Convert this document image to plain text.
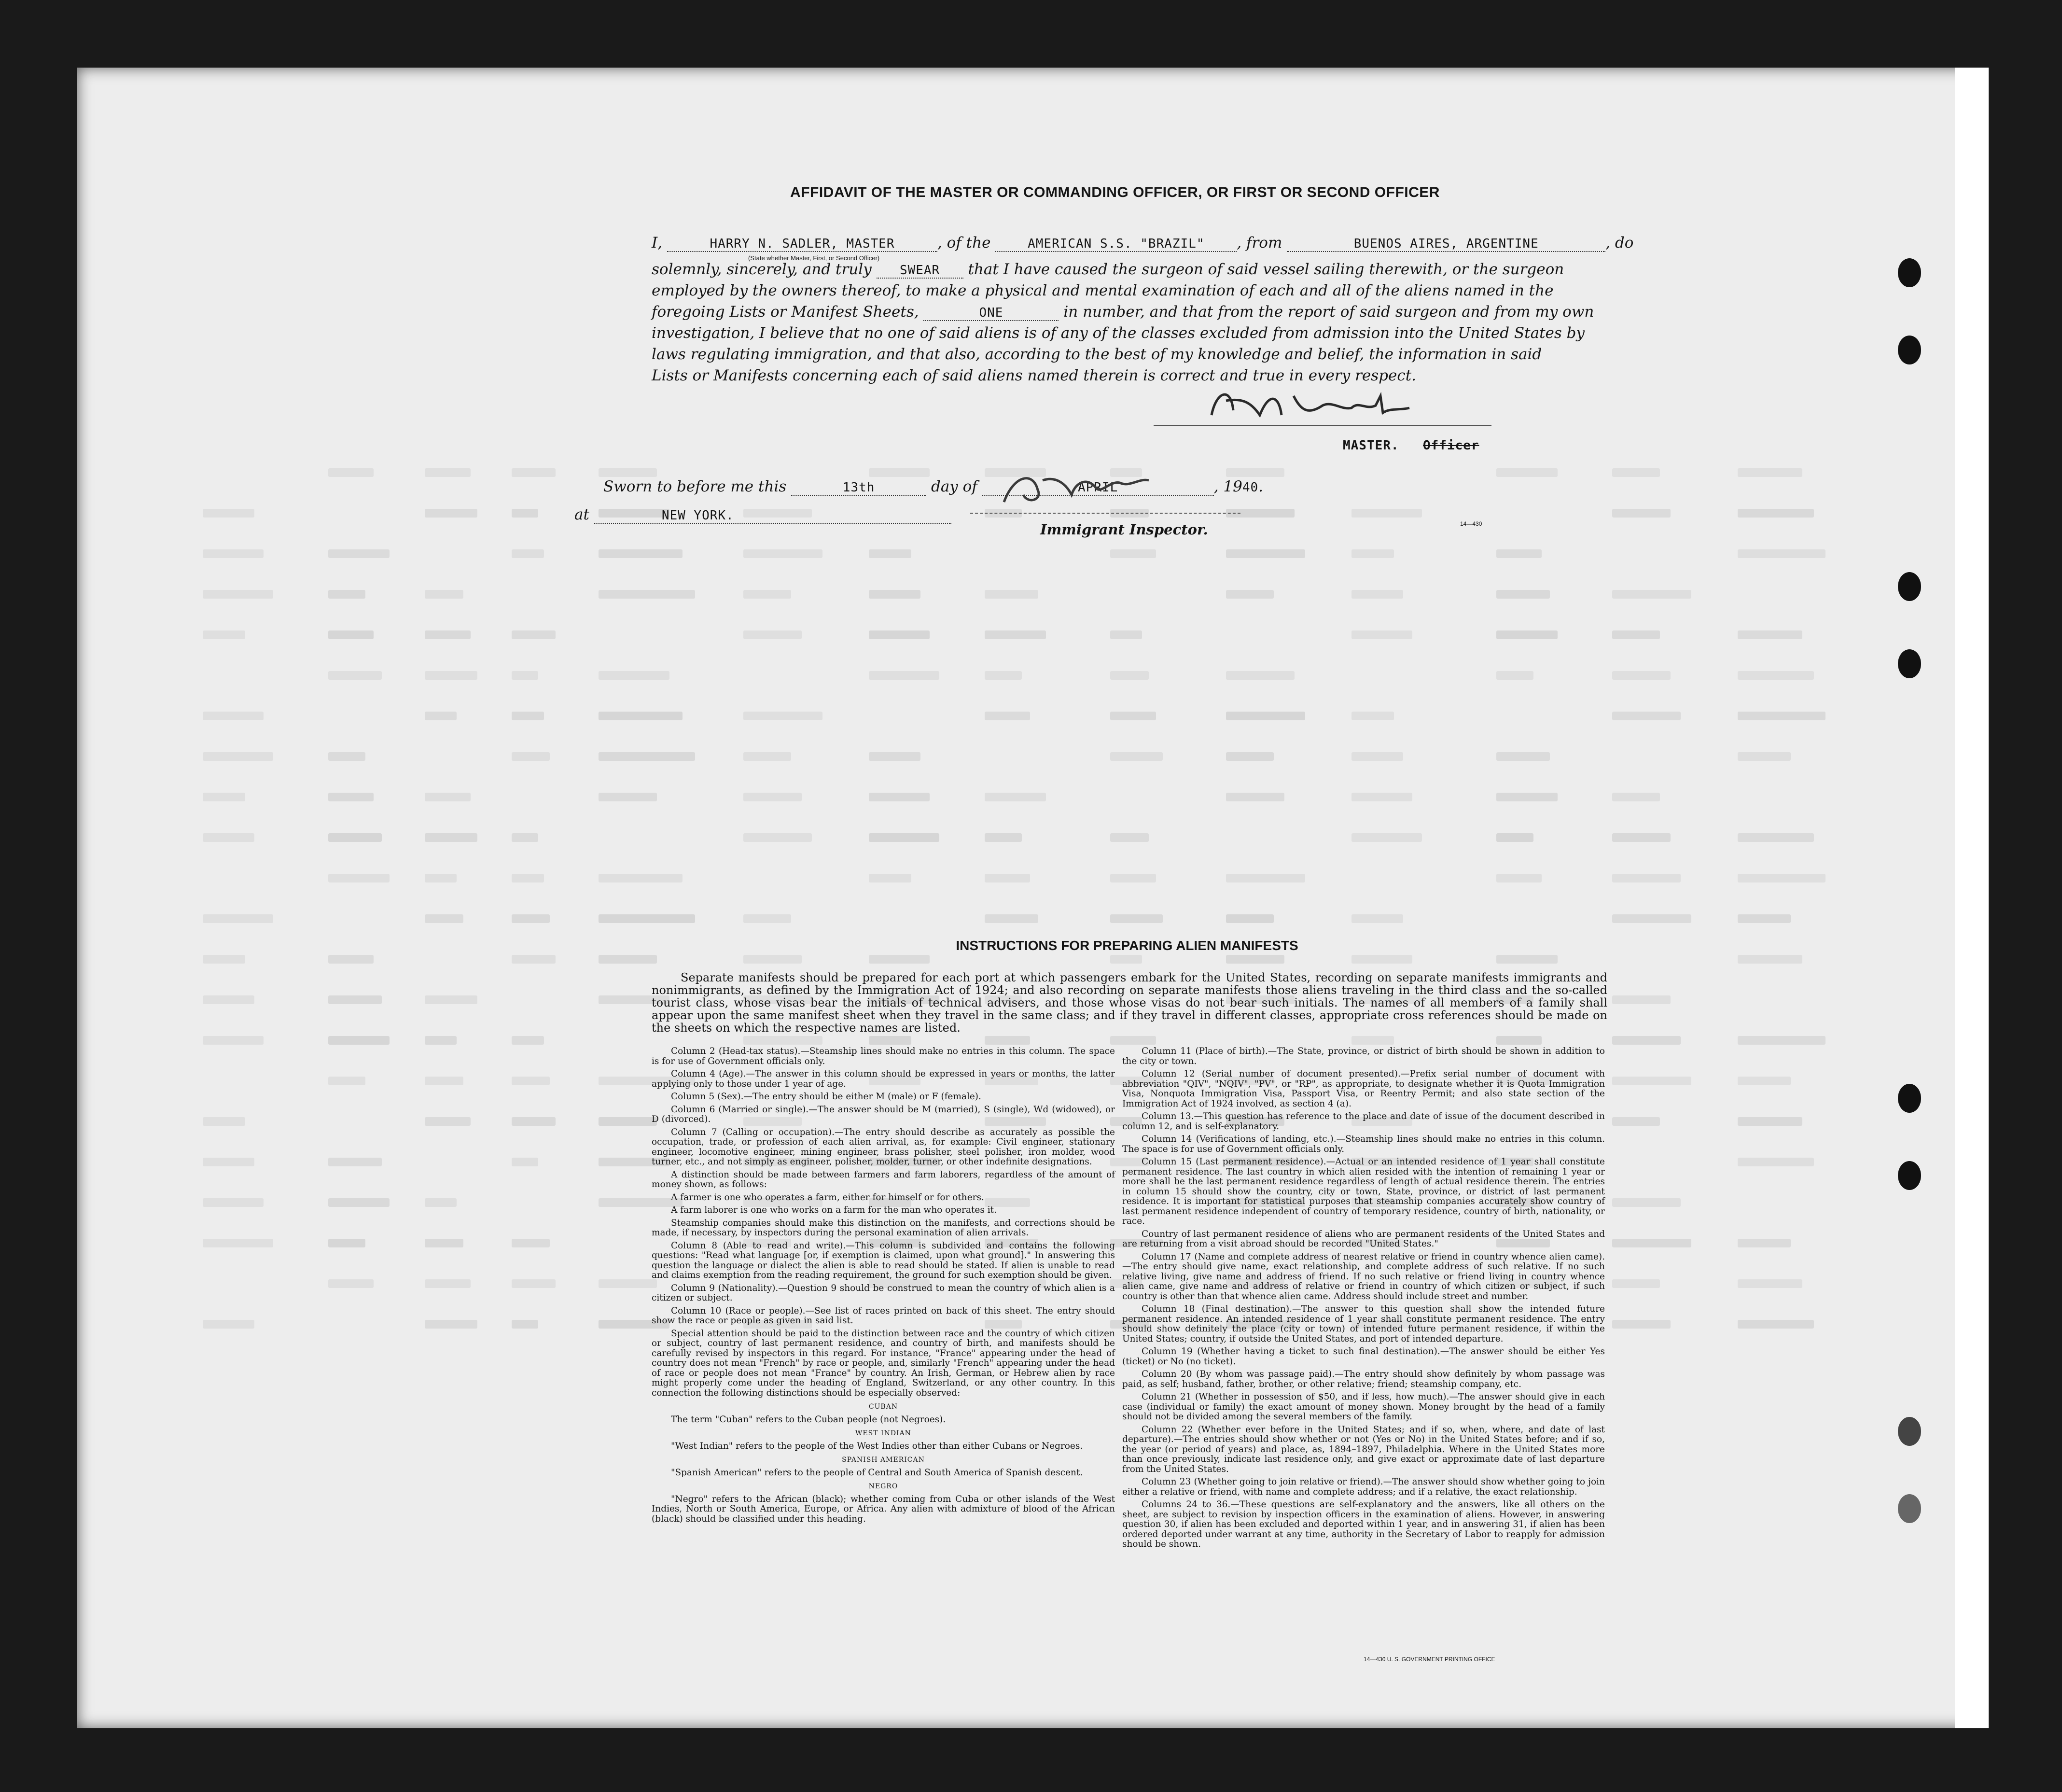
AFFIDAVIT OF THE MASTER OR COMMANDING OFFICER, OR FIRST OR SECOND OFFICER
I,	HARRY N. SADLER, MASTER	, of the	AMERICAN S.S. "BRAZIL" , from	BUENOS AIRES, ARGENTINE	, do
(State whether Master, First, or Second Officer)
solemnly, sincerely, and truly SWEAR that I have caused the surgeon of said vessel sailing therewith, or the surgeon
employed by the owners thereof, to make a physical and mental examination of each and all of the aliens named in the
foregoing Lists or Manifest Sheets,	ONE	in number, and that from the report of said surgeon and from my own
investigation, I believe that no one of said aliens is of any of the classes excluded from admission into the United States by
laws regulating immigration, and that also, according to the best of my knowledge and belief, the information in said
Lists or Manifests concerning each of said aliens named therein is correct and true in every respect.
MASTER. Officer
Sworn to before me this	13th	day of	APRIL	, 1940.
at	NEW YORK.
Immigrant Inspector.	14—430
INSTRUCTIONS FOR PREPARING ALIEN MANIFESTS
Separate manifests should be prepared for each port at which passengers embark for the United States, recording on separate manifests immigrants and nonimmigrants, as defined by the Immigration Act of 1924; and also recording on separate manifests those aliens traveling in the third class and the so-called tourist class, whose visas bear the initials of technical advisers, and those whose visas do not bear such initials. The names of all members of a family shall appear upon the same manifest sheet when they travel in the same class; and if they travel in different classes, appropriate cross references should be made on the sheets on which the respective names are listed.

Column 2 (Head-tax status).—Steamship lines should make no entries in this column. The space is for use of Government officials only.

Column 4 (Age).—The answer in this column should be expressed in years or months, the latter applying only to those under 1 year of age.

Column 5 (Sex).—The entry should be either M (male) or F (female).

Column 6 (Married or single).—The answer should be M (married), S (single), Wd (widowed), or D (divorced).

Column 7 (Calling or occupation).—The entry should describe as accurately as possible the occupation, trade, or profession of each alien arrival, as, for example: Civil engineer, stationary engineer, locomotive engineer, mining engineer, brass polisher, steel polisher, iron molder, wood turner, etc., and not simply as engineer, polisher, molder, turner, or other indefinite designations.

A distinction should be made between farmers and farm laborers, regardless of the amount of money shown, as follows:

A farmer is one who operates a farm, either for himself or for others.

A farm laborer is one who works on a farm for the man who operates it.

Steamship companies should make this distinction on the manifests, and corrections should be made, if necessary, by inspectors during the personal examination of alien arrivals.

Column 8 (Able to read and write).—This column is subdivided and contains the following questions: "Read what language [or, if exemption is claimed, upon what ground]." In answering this question the language or dialect the alien is able to read should be stated. If alien is unable to read and claims exemption from the reading requirement, the ground for such exemption should be given.

Column 9 (Nationality).—Question 9 should be construed to mean the country of which alien is a citizen or subject.

Column 10 (Race or people).—See list of races printed on back of this sheet. The entry should show the race or people as given in said list.

Special attention should be paid to the distinction between race and the country of which citizen or subject, country of last permanent residence, and country of birth, and manifests should be carefully revised by inspectors in this regard. For instance, "France" appearing under the head of country does not mean "French" by race or people, and, similarly "French" appearing under the head of race or people does not mean "France" by country. An Irish, German, or Hebrew alien by race might properly come under the heading of England, Switzerland, or any other country. In this connection the following distinctions should be especially observed:

CUBAN

The term "Cuban" refers to the Cuban people (not Negroes).

WEST INDIAN

"West Indian" refers to the people of the West Indies other than either Cubans or Negroes.

SPANISH AMERICAN

"Spanish American" refers to the people of Central and South America of Spanish descent.

NEGRO

"Negro" refers to the African (black); whether coming from Cuba or other islands of the West Indies, North or South America, Europe, or Africa. Any alien with admixture of blood of the African (black) should be classified under this heading.

Column 11 (Place of birth).—The State, province, or district of birth should be shown in addition to the city or town.

Column 12 (Serial number of document presented).—Prefix serial number of document with abbreviation "QIV", "NQIV", "PV", or "RP", as appropriate, to designate whether it is Quota Immigration Visa, Nonquota Immigration Visa, Passport Visa, or Reentry Permit; and also state section of the Immigration Act of 1924 involved, as section 4 (a).

Column 13.—This question has reference to the place and date of issue of the document described in column 12, and is self-explanatory.

Column 14 (Verifications of landing, etc.).—Steamship lines should make no entries in this column. The space is for use of Government officials only.

Column 15 (Last permanent residence).—Actual or an intended residence of 1 year shall constitute permanent residence. The last country in which alien resided with the intention of remaining 1 year or more shall be the last permanent residence regardless of length of actual residence therein. The entries in column 15 should show the country, city or town, State, province, or district of last permanent residence. It is important for statistical purposes that steamship companies accurately show country of last permanent residence independent of country of temporary residence, country of birth, nationality, or race.

Country of last permanent residence of aliens who are permanent residents of the United States and are returning from a visit abroad should be recorded "United States."

Column 17 (Name and complete address of nearest relative or friend in country whence alien came).—The entry should give name, exact relationship, and complete address of such relative. If no such relative living, give name and address of friend. If no such relative or friend living in country whence alien came, give name and address of relative or friend in country of which citizen or subject, if such country is other than that whence alien came. Address should include street and number.

Column 18 (Final destination).—The answer to this question shall show the intended future permanent residence. An intended residence of 1 year shall constitute permanent residence. The entry should show definitely the place (city or town) of intended future permanent residence, if within the United States; country, if outside the United States, and port of intended departure.

Column 19 (Whether having a ticket to such final destination).—The answer should be either Yes (ticket) or No (no ticket).

Column 20 (By whom was passage paid).—The entry should show definitely by whom passage was paid, as self; husband, father, brother, or other relative; friend; steamship company, etc.

Column 21 (Whether in possession of $50, and if less, how much).—The answer should give in each case (individual or family) the exact amount of money shown. Money brought by the head of a family should not be divided among the several members of the family.

Column 22 (Whether ever before in the United States; and if so, when, where, and date of last departure).—The entries should show whether or not (Yes or No) in the United States before; and if so, the year (or period of years) and place, as, 1894–1897, Philadelphia. Where in the United States more than once previously, indicate last residence only, and give exact or approximate date of last departure from the United States.

Column 23 (Whether going to join relative or friend).—The answer should show whether going to join either a relative or friend, with name and complete address; and if a relative, the exact relationship.

Columns 24 to 36.—These questions are self-explanatory and the answers, like all others on the sheet, are subject to revision by inspection officers in the examination of aliens. However, in answering question 30, if alien has been excluded and deported within 1 year, and in answering 31, if alien has been ordered deported under warrant at any time, authority in the Secretary of Labor to reapply for admission should be shown.

14—430 U. S. GOVERNMENT PRINTING OFFICE
